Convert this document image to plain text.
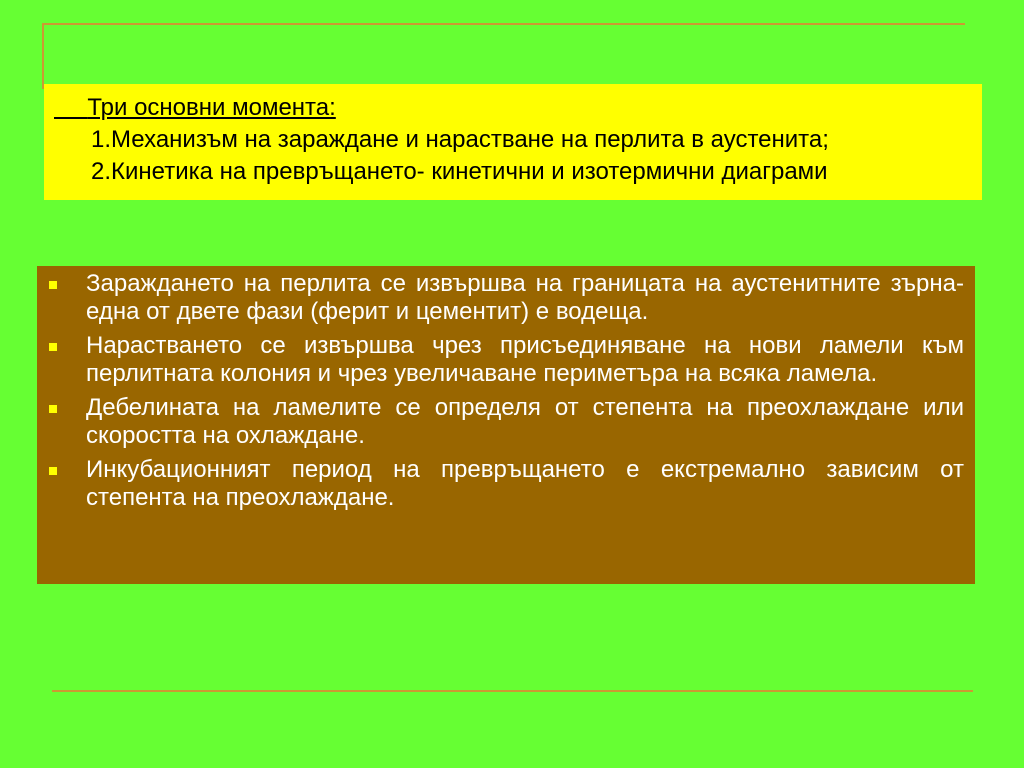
Три основни момента:
1.Механизъм на зараждане и нарастване на перлита в аустенита;
2.Кинетика на превръщането- кинетични и изотермични диаграми
Зараждането на перлита се извършва на границата на аустенитните зърна- една от двете фази (ферит и цементит) е водеща.
Нарастването се извършва чрез присъединяване на нови ламели към перлитната колония и чрез увеличаване периметъра на всяка ламела.
Дебелината на ламелите се определя от степента на преохлаждане или скоростта на охлаждане.
Инкубационният период на превръщането е екстремално зависим от степента на преохлаждане.
